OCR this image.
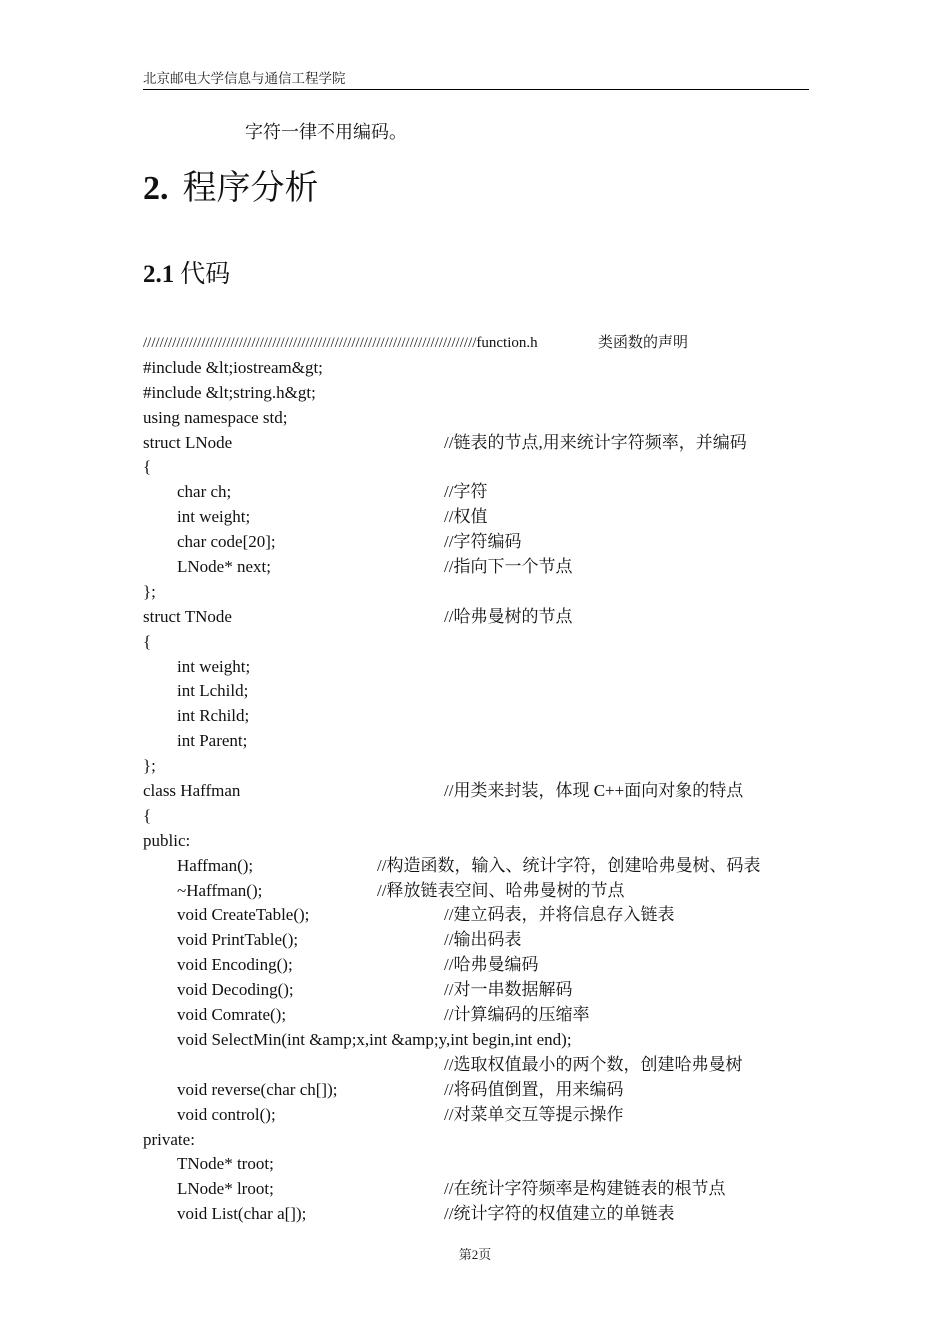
北京邮电大学信息与通信工程学院
字符一律不用编码。
2. 程序分析
2.1 代码
////////////////////////////////////////////////////////////////////////////////function.h	类函数的声明
#include &lt;iostream&gt;
#include &lt;string.h&gt;
using namespace std;
struct LNode	//链表的节点,用来统计字符频率，并编码
{
char ch;	//字符
int weight;	//权值
char code[20];	//字符编码
LNode* next;	//指向下一个节点
};
struct TNode	//哈弗曼树的节点
{
int weight;
int Lchild;
int Rchild;
int Parent;
};
class Haffman	//用类来封装，体现 C++面向对象的特点
{
public:
Haffman();	//构造函数，输入、统计字符，创建哈弗曼树、码表
~Haffman();	//释放链表空间、哈弗曼树的节点
void CreateTable();	//建立码表，并将信息存入链表
void PrintTable();	//输出码表
void Encoding();	//哈弗曼编码
void Decoding();	//对一串数据解码
void Comrate();	//计算编码的压缩率
void SelectMin(int &amp;x,int &amp;y,int begin,int end);
//选取权值最小的两个数，创建哈弗曼树
void reverse(char ch[]);	//将码值倒置，用来编码
void control();	//对菜单交互等提示操作
private:
TNode* troot;
LNode* lroot;	//在统计字符频率是构建链表的根节点
void List(char a[]);	//统计字符的权值建立的单链表
第2页
